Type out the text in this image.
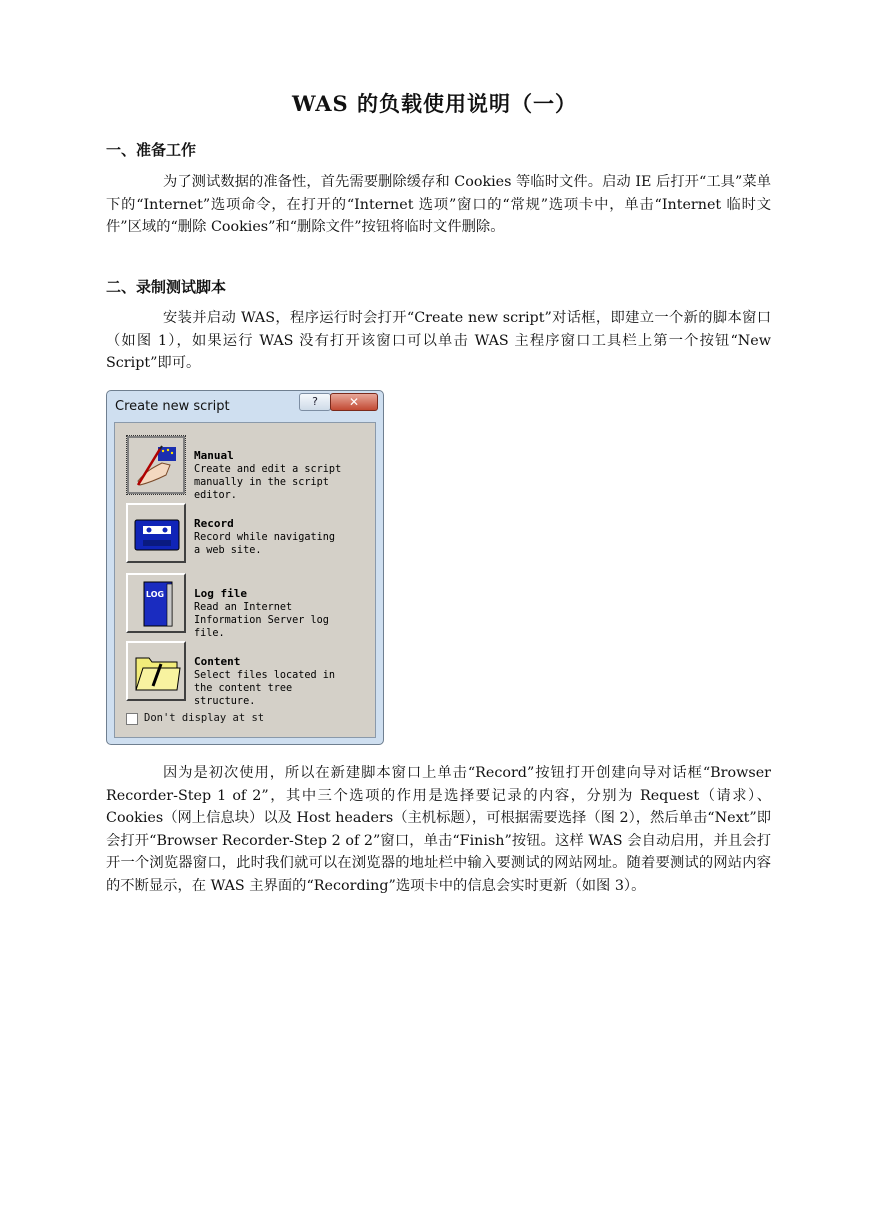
WAS 的负载使用说明（一）
一、准备工作

为了测试数据的准备性，首先需要删除缓存和 Cookies 等临时文件。启动 IE 后打开“工具”菜单下的“Internet”选项命令，在打开的“Internet 选项”窗口的“常规”选项卡中，单击“Internet 临时文件”区域的“删除 Cookies”和“删除文件”按钮将临时文件删除。

二、录制测试脚本

安装并启动 WAS，程序运行时会打开“Create new script”对话框，即建立一个新的脚本窗口（如图 1），如果运行 WAS 没有打开该窗口可以单击 WAS 主程序窗口工具栏上第一个按钮“New Script”即可。

Create new script	?	✕
Manual
Create and edit a script manually in the script editor.
Record
Record while navigating a web site.
LOG	Log file
Read an Internet Information Server log file.
Content
Select files located in the content tree structure.
Don't display at st

因为是初次使用，所以在新建脚本窗口上单击“Record”按钮打开创建向导对话框“Browser Recorder-Step 1 of 2”，其中三个选项的作用是选择要记录的内容，分别为 Request（请求）、Cookies（网上信息块）以及 Host headers（主机标题），可根据需要选择（图 2），然后单击“Next”即会打开“Browser Recorder-Step 2 of 2”窗口，单击“Finish”按钮。这样 WAS 会自动启用，并且会打开一个浏览器窗口，此时我们就可以在浏览器的地址栏中输入要测试的网站网址。随着要测试的网站内容的不断显示，在 WAS 主界面的“Recording”选项卡中的信息会实时更新（如图 3）。
